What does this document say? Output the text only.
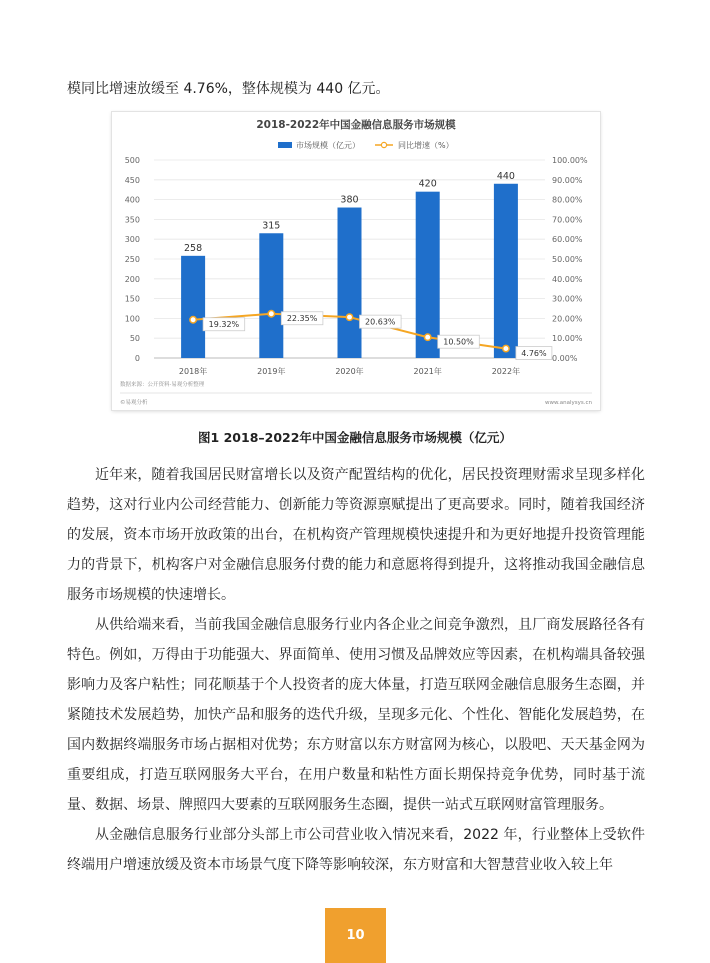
模同比增速放缓至 4.76%，整体规模为 440 亿元。
2018-2022年中国金融信息服务市场规模
市场规模（亿元）	同比增速（%）
0
50
100
150
200
250
300
350
400
450
500
0.00%
10.00%
20.00%
30.00%
40.00%
50.00%
60.00%
70.00%
80.00%
90.00%
100.00%
258
315
380
420
440
2018年	2019年	2020年	2021年	2022年
19.32%
22.35%	20.63%
10.50%
4.76%
数据来源：公开资料·易观分析整理
©易观分析	www.analysys.cn
图1 2018–2022年中国金融信息服务市场规模（亿元）

近年来，随着我国居民财富增长以及资产配置结构的优化，居民投资理财需求呈现多样化趋势，这对行业内公司经营能力、创新能力等资源禀赋提出了更高要求。同时，随着我国经济的发展，资本市场开放政策的出台，在机构资产管理规模快速提升和为更好地提升投资管理能力的背景下，机构客户对金融信息服务付费的能力和意愿将得到提升，这将推动我国金融信息服务市场规模的快速增长。

从供给端来看，当前我国金融信息服务行业内各企业之间竞争激烈，且厂商发展路径各有特色。例如，万得由于功能强大、界面简单、使用习惯及品牌效应等因素，在机构端具备较强影响力及客户粘性；同花顺基于个人投资者的庞大体量，打造互联网金融信息服务生态圈，并紧随技术发展趋势，加快产品和服务的迭代升级，呈现多元化、个性化、智能化发展趋势，在国内数据终端服务市场占据相对优势；东方财富以东方财富网为核心，以股吧、天天基金网为重要组成，打造互联网服务大平台，在用户数量和粘性方面长期保持竞争优势，同时基于流量、数据、场景、牌照四大要素的互联网服务生态圈，提供一站式互联网财富管理服务。

从金融信息服务行业部分头部上市公司营业收入情况来看，2022 年，行业整体上受软件终端用户增速放缓及资本市场景气度下降等影响较深，东方财富和大智慧营业收入较上年

10
